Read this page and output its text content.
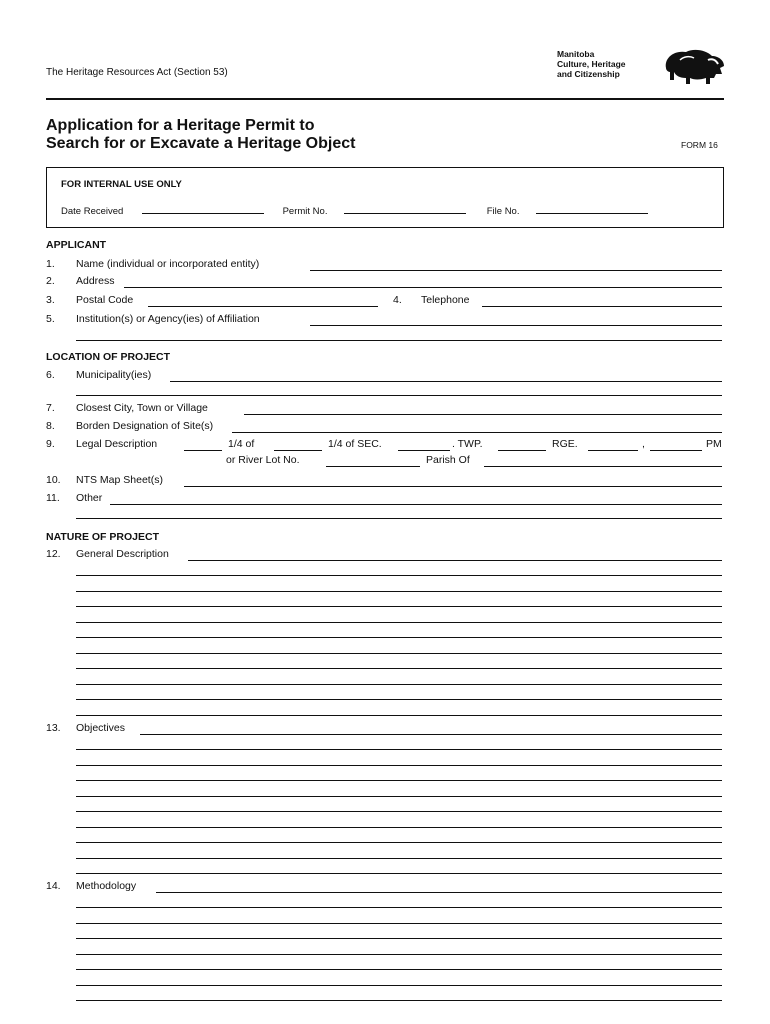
The Heritage Resources Act (Section 53)
Manitoba
Culture, Heritage
and Citizenship
Application for a Heritage Permit to
Search for or Excavate a Heritage Object	FORM 16
FOR INTERNAL USE ONLY
Date Received	Permit No.	File No.
APPLICANT
1. Name (individual or incorporated entity)
2. Address
3. Postal Code	4. Telephone
5. Institution(s) or Agency(ies) of Affiliation
LOCATION OF PROJECT
6. Municipality(ies)
7. Closest City, Town or Village
8. Borden Designation of Site(s)
9. Legal Description	1/4 of	1/4 of SEC.	. TWP.	RGE.	,	PM
or River Lot No.	Parish Of
10. NTS Map Sheet(s)
11. Other
NATURE OF PROJECT
12. General Description
13. Objectives
14. Methodology
